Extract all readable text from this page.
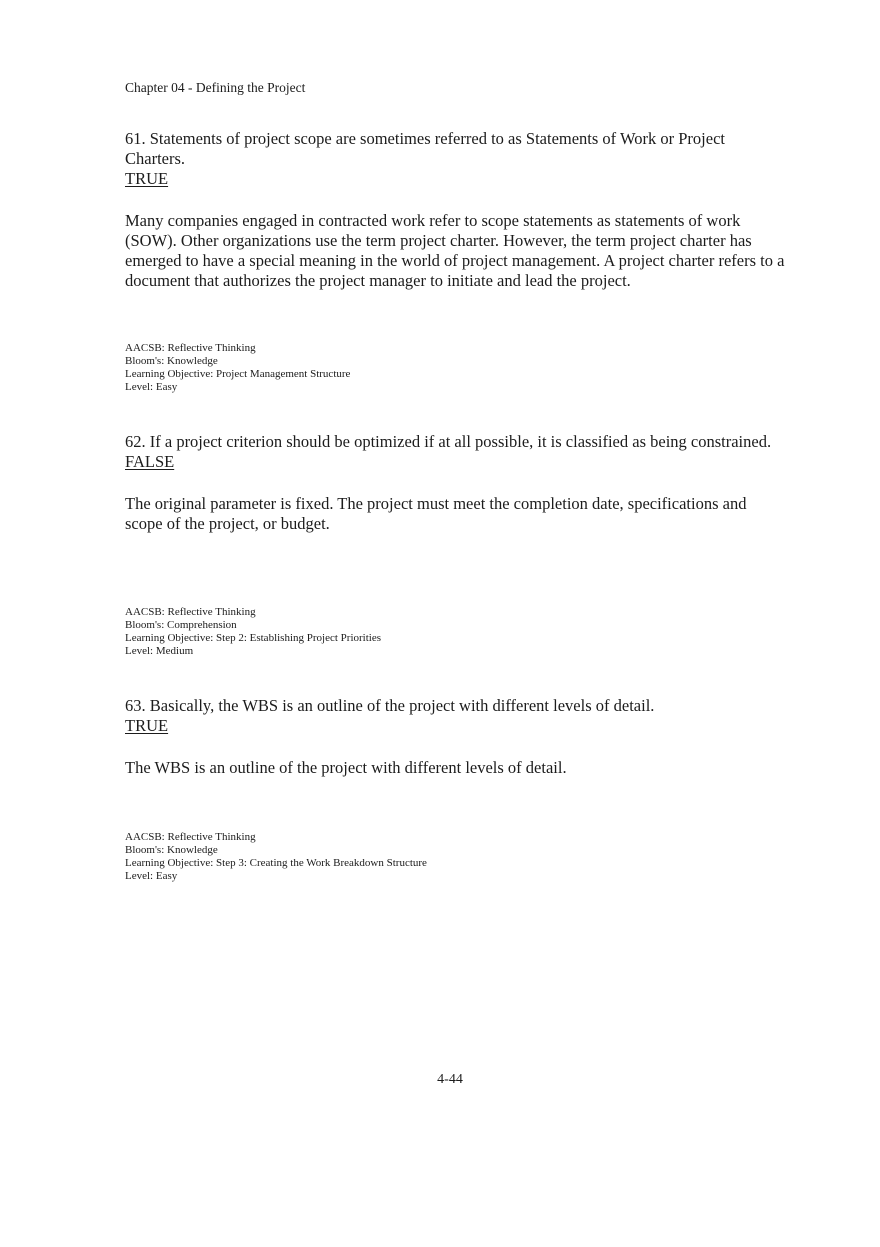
Chapter 04 - Defining the Project

61. Statements of project scope are sometimes referred to as Statements of Work or Project Charters.

TRUE

Many companies engaged in contracted work refer to scope statements as statements of work (SOW). Other organizations use the term project charter. However, the term project charter has emerged to have a special meaning in the world of project management. A project charter refers to a document that authorizes the project manager to initiate and lead the project.

AACSB: Reflective Thinking
Bloom's: Knowledge
Learning Objective: Project Management Structure
Level: Easy

62. If a project criterion should be optimized if at all possible, it is classified as being constrained.

FALSE

The original parameter is fixed. The project must meet the completion date, specifications and scope of the project, or budget.

AACSB: Reflective Thinking
Bloom's: Comprehension
Learning Objective: Step 2: Establishing Project Priorities
Level: Medium

63. Basically, the WBS is an outline of the project with different levels of detail.

TRUE

The WBS is an outline of the project with different levels of detail.

AACSB: Reflective Thinking
Bloom's: Knowledge
Learning Objective: Step 3: Creating the Work Breakdown Structure
Level: Easy
4-44
